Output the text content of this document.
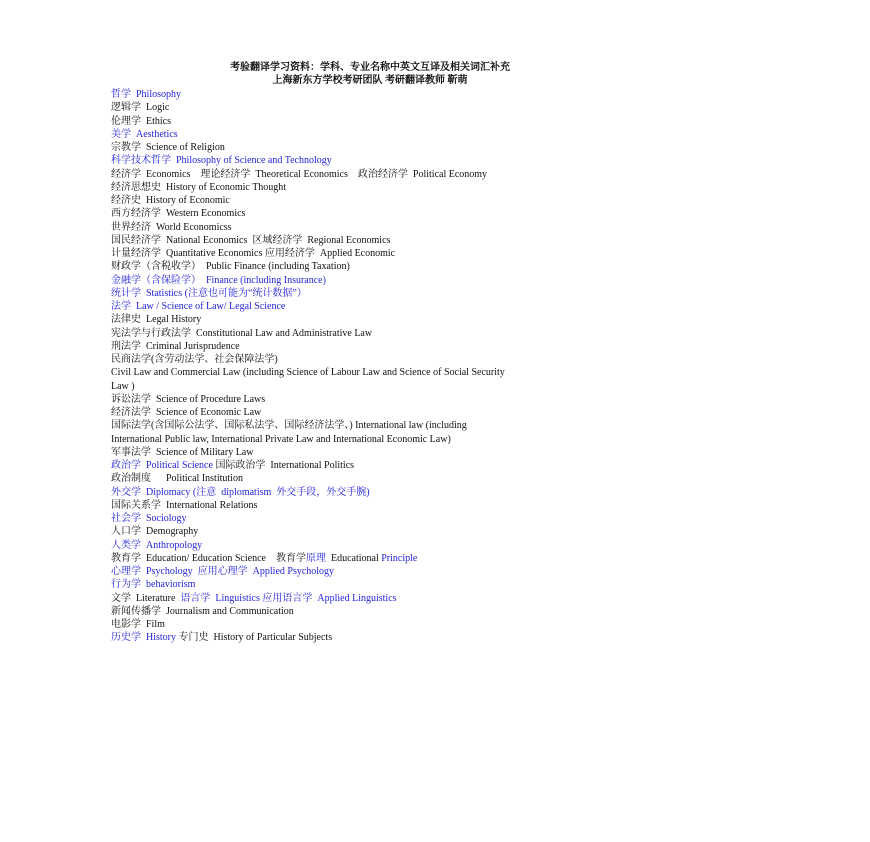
考验翻译学习资料：学科、专业名称中英文互译及相关词汇补充
上海新东方学校考研团队 考研翻译教师 靳萌
哲学  Philosophy
逻辑学  Logic
伦理学  Ethics
美学  Aesthetics
宗教学  Science of Religion
科学技术哲学  Philosophy of Science and Technology
经济学  Economics    理论经济学  Theoretical Economics    政治经济学  Political Economy
经济思想史  History of Economic Thought
经济史  History of Economic
西方经济学  Western Economics
世界经济  World Economicss
国民经济学  National Economics  区域经济学  Regional Economics
计量经济学  Quantitative Economics 应用经济学  Applied Economic
财政学（含税收学）  Public Finance (including Taxation)
金融学（含保险学）  Finance (including Insurance)
统计学  Statistics (注意也可能为“统计数据”）
法学  Law / Science of Law/ Legal Science
法律史  Legal History
宪法学与行政法学  Constitutional Law and Administrative Law
刑法学  Criminal Jurisprudence
民商法学(含劳动法学、社会保障法学)
Civil Law and Commercial Law (including Science of Labour Law and Science of Social Security
Law )
诉讼法学  Science of Procedure Laws
经济法学  Science of Economic Law
国际法学(含国际公法学、国际私法学、国际经济法学、) International law (including
International Public law, International Private Law and International Economic Law)
军事法学  Science of Military Law
政治学  Political Science 国际政治学  International Politics
政治制度      Political Institution
外交学  Diplomacy (注意  diplomatism  外交手段，外交手腕)
国际关系学  International Relations
社会学  Sociology
人口学  Demography
人类学  Anthropology
教育学  Education/ Education Science    教育学原理  Educational Principle
心理学  Psychology  应用心理学  Applied Psychology
行为学  behaviorism
文学  Literature  语言学  Linguistics 应用语言学  Applied Linguistics
新闻传播学  Journalism and Communication
电影学  Film
历史学  History 专门史  History of Particular Subjects
